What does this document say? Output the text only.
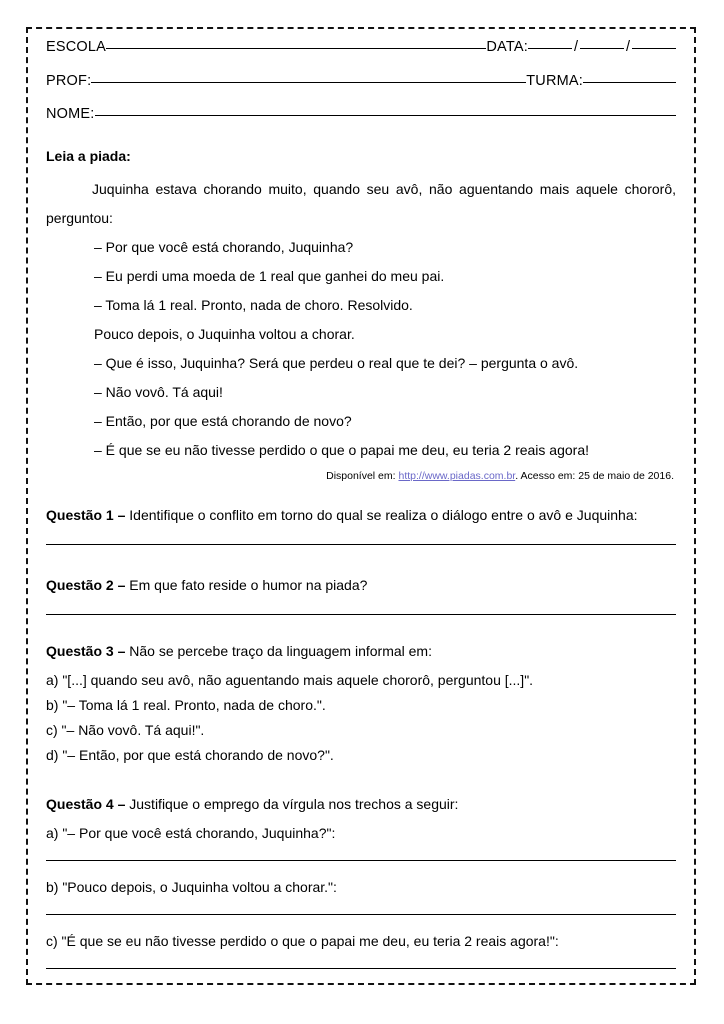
ESCOLA	DATA:	/	/
PROF:	TURMA:
NOME:
Leia a piada:

Juquinha estava chorando muito, quando seu avô, não aguentando mais aquele chororô, perguntou:

– Por que você está chorando, Juquinha?

– Eu perdi uma moeda de 1 real que ganhei do meu pai.

– Toma lá 1 real. Pronto, nada de choro. Resolvido.

Pouco depois, o Juquinha voltou a chorar.

– Que é isso, Juquinha? Será que perdeu o real que te dei? – pergunta o avô.

– Não vovô. Tá aqui!

– Então, por que está chorando de novo?

– É que se eu não tivesse perdido o que o papai me deu, eu teria 2 reais agora!

Disponível em: http://www.piadas.com.br. Acesso em: 25 de maio de 2016.

Questão 1 – Identifique o conflito em torno do qual se realiza o diálogo entre o avô e Juquinha:

Questão 2 – Em que fato reside o humor na piada?

Questão 3 – Não se percebe traço da linguagem informal em:

a) "[...] quando seu avô, não aguentando mais aquele chororô, perguntou [...]".

b) "– Toma lá 1 real. Pronto, nada de choro.".

c) "– Não vovô. Tá aqui!".

d) "– Então, por que está chorando de novo?".

Questão 4 – Justifique o emprego da vírgula nos trechos a seguir:

a) "– Por que você está chorando, Juquinha?":

b) "Pouco depois, o Juquinha voltou a chorar.":

c) "É que se eu não tivesse perdido o que o papai me deu, eu teria 2 reais agora!":
